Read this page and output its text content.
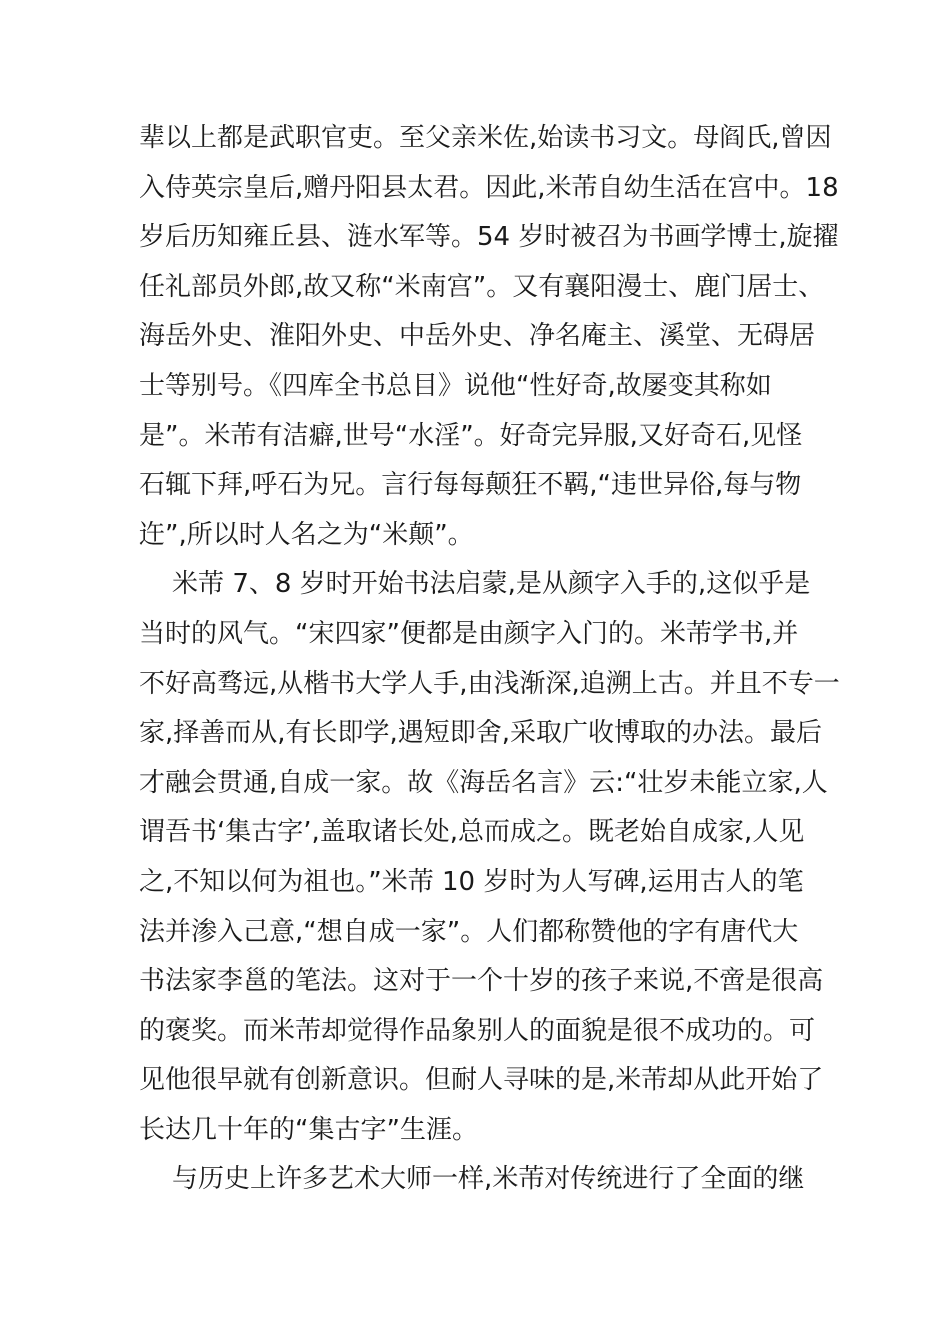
辈以上都是武职官吏。至父亲米佐,始读书习文。母阎氏,曾因
入侍英宗皇后,赠丹阳县太君。因此,米芾自幼生活在宫中。18
岁后历知雍丘县、涟水军等。54 岁时被召为书画学博士,旋擢
任礼部员外郎,故又称“米南宫”。又有襄阳漫士、鹿门居士、
海岳外史、淮阳外史、中岳外史、净名庵主、溪堂、无碍居
士等别号。《四库全书总目》说他“性好奇,故屡变其称如
是”。米芾有洁癖,世号“水淫”。好奇完异服,又好奇石,见怪
石辄下拜,呼石为兄。言行每每颠狂不羁,“违世异俗,每与物
迕”,所以时人名之为“米颠”。
米芾 7、8 岁时开始书法启蒙,是从颜字入手的,这似乎是
当时的风气。“宋四家”便都是由颜字入门的。米芾学书,并
不好高骛远,从楷书大学人手,由浅渐深,追溯上古。并且不专一
家,择善而从,有长即学,遇短即舍,采取广收博取的办法。最后
才融会贯通,自成一家。故《海岳名言》云:“壮岁未能立家,人
谓吾书‘集古字’,盖取诸长处,总而成之。既老始自成家,人见
之,不知以何为祖也。”米芾 10 岁时为人写碑,运用古人的笔
法并渗入己意,“想自成一家”。人们都称赞他的字有唐代大
书法家李邕的笔法。这对于一个十岁的孩子来说,不啻是很高
的褒奖。而米芾却觉得作品象别人的面貌是很不成功的。可
见他很早就有创新意识。但耐人寻味的是,米芾却从此开始了
长达几十年的“集古字”生涯。
与历史上许多艺术大师一样,米芾对传统进行了全面的继
